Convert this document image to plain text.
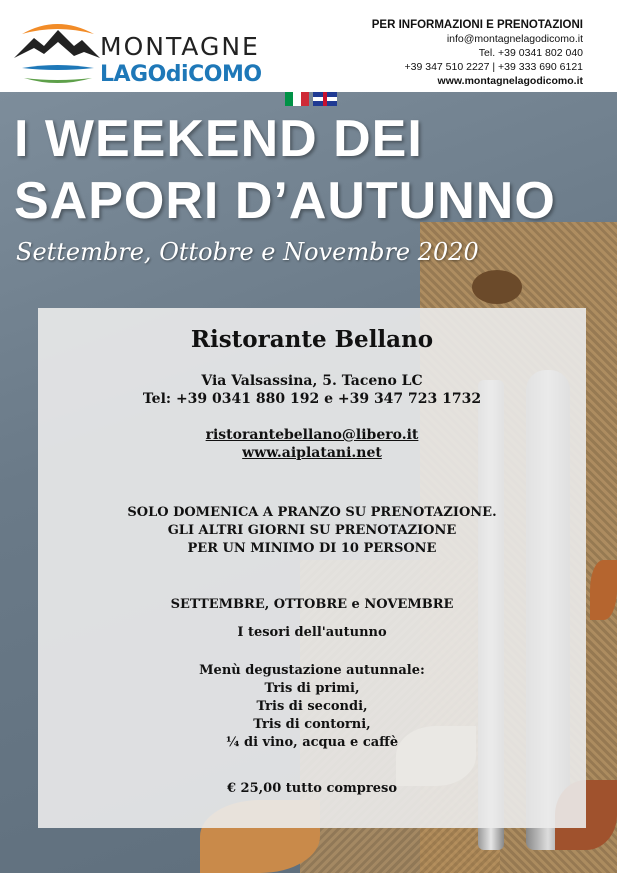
MONTAGNE
LAGOdiCOMO
PER INFORMAZIONI E PRENOTAZIONI
info@montagnelagodicomo.it
Tel. +39 0341 802 040
+39 347 510 2227 | +39 333 690 6121
www.montagnelagodicomo.it
I WEEKEND DEI
SAPORI D’AUTUNNO
Settembre, Ottobre e Novembre 2020
Ristorante Bellano
Via Valsassina, 5. Taceno LC
Tel: +39 0341 880 192 e +39 347 723 1732
ristorantebellano@libero.it
www.aiplatani.net
SOLO DOMENICA A PRANZO SU PRENOTAZIONE.
GLI ALTRI GIORNI SU PRENOTAZIONE
PER UN MINIMO DI 10 PERSONE
SETTEMBRE, OTTOBRE e NOVEMBRE
I tesori dell'autunno
Menù degustazione autunnale:
Tris di primi,
Tris di secondi,
Tris di contorni,
¼ di vino, acqua e caffè
€ 25,00 tutto compreso
